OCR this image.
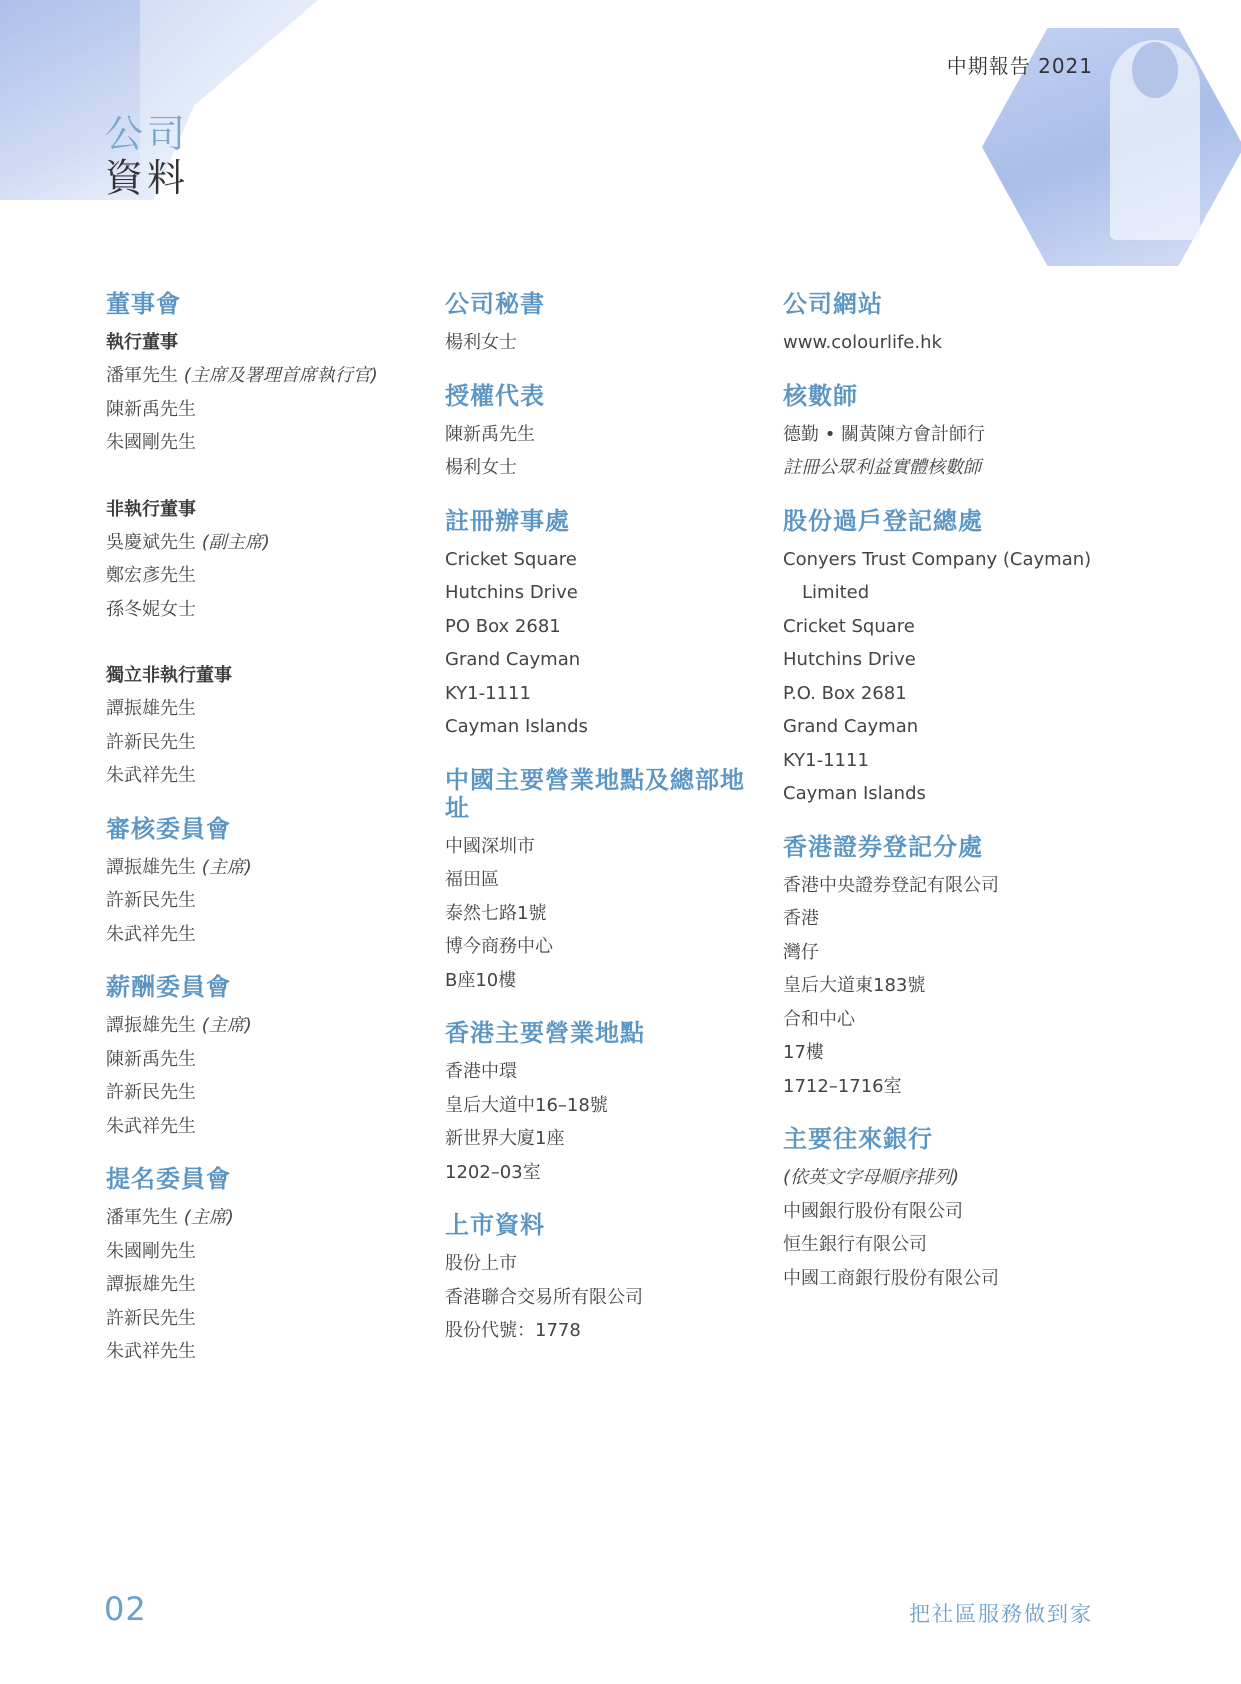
中期報告 2021
公司
資料
董事會

執行董事

潘軍先生 (主席及署理首席執行官)

陳新禹先生

朱國剛先生

非執行董事

吳慶斌先生 (副主席)

鄭宏彥先生

孫冬妮女士

獨立非執行董事

譚振雄先生

許新民先生

朱武祥先生

審核委員會

譚振雄先生 (主席)

許新民先生

朱武祥先生

薪酬委員會

譚振雄先生 (主席)

陳新禹先生

許新民先生

朱武祥先生

提名委員會

潘軍先生 (主席)

朱國剛先生

譚振雄先生

許新民先生

朱武祥先生

公司秘書

楊利女士

授權代表

陳新禹先生

楊利女士

註冊辦事處

Cricket Square

Hutchins Drive

PO Box 2681

Grand Cayman

KY1-1111

Cayman Islands

中國主要營業地點及總部地
址

中國深圳市

福田區

泰然七路1號

博今商務中心

B座10樓

香港主要營業地點

香港中環

皇后大道中16–18號

新世界大廈1座

1202–03室

上市資料

股份上市

香港聯合交易所有限公司

股份代號：1778

公司網站

www.colourlife.hk

核數師

德勤 • 關黃陳方會計師行

註冊公眾利益實體核數師

股份過戶登記總處

Conyers Trust Company (Cayman)

Limited

Cricket Square

Hutchins Drive

P.O. Box 2681

Grand Cayman

KY1-1111

Cayman Islands

香港證券登記分處

香港中央證券登記有限公司

香港

灣仔

皇后大道東183號

合和中心

17樓

1712–1716室

主要往來銀行

(依英文字母順序排列)

中國銀行股份有限公司

恒生銀行有限公司

中國工商銀行股份有限公司

02	把社區服務做到家
